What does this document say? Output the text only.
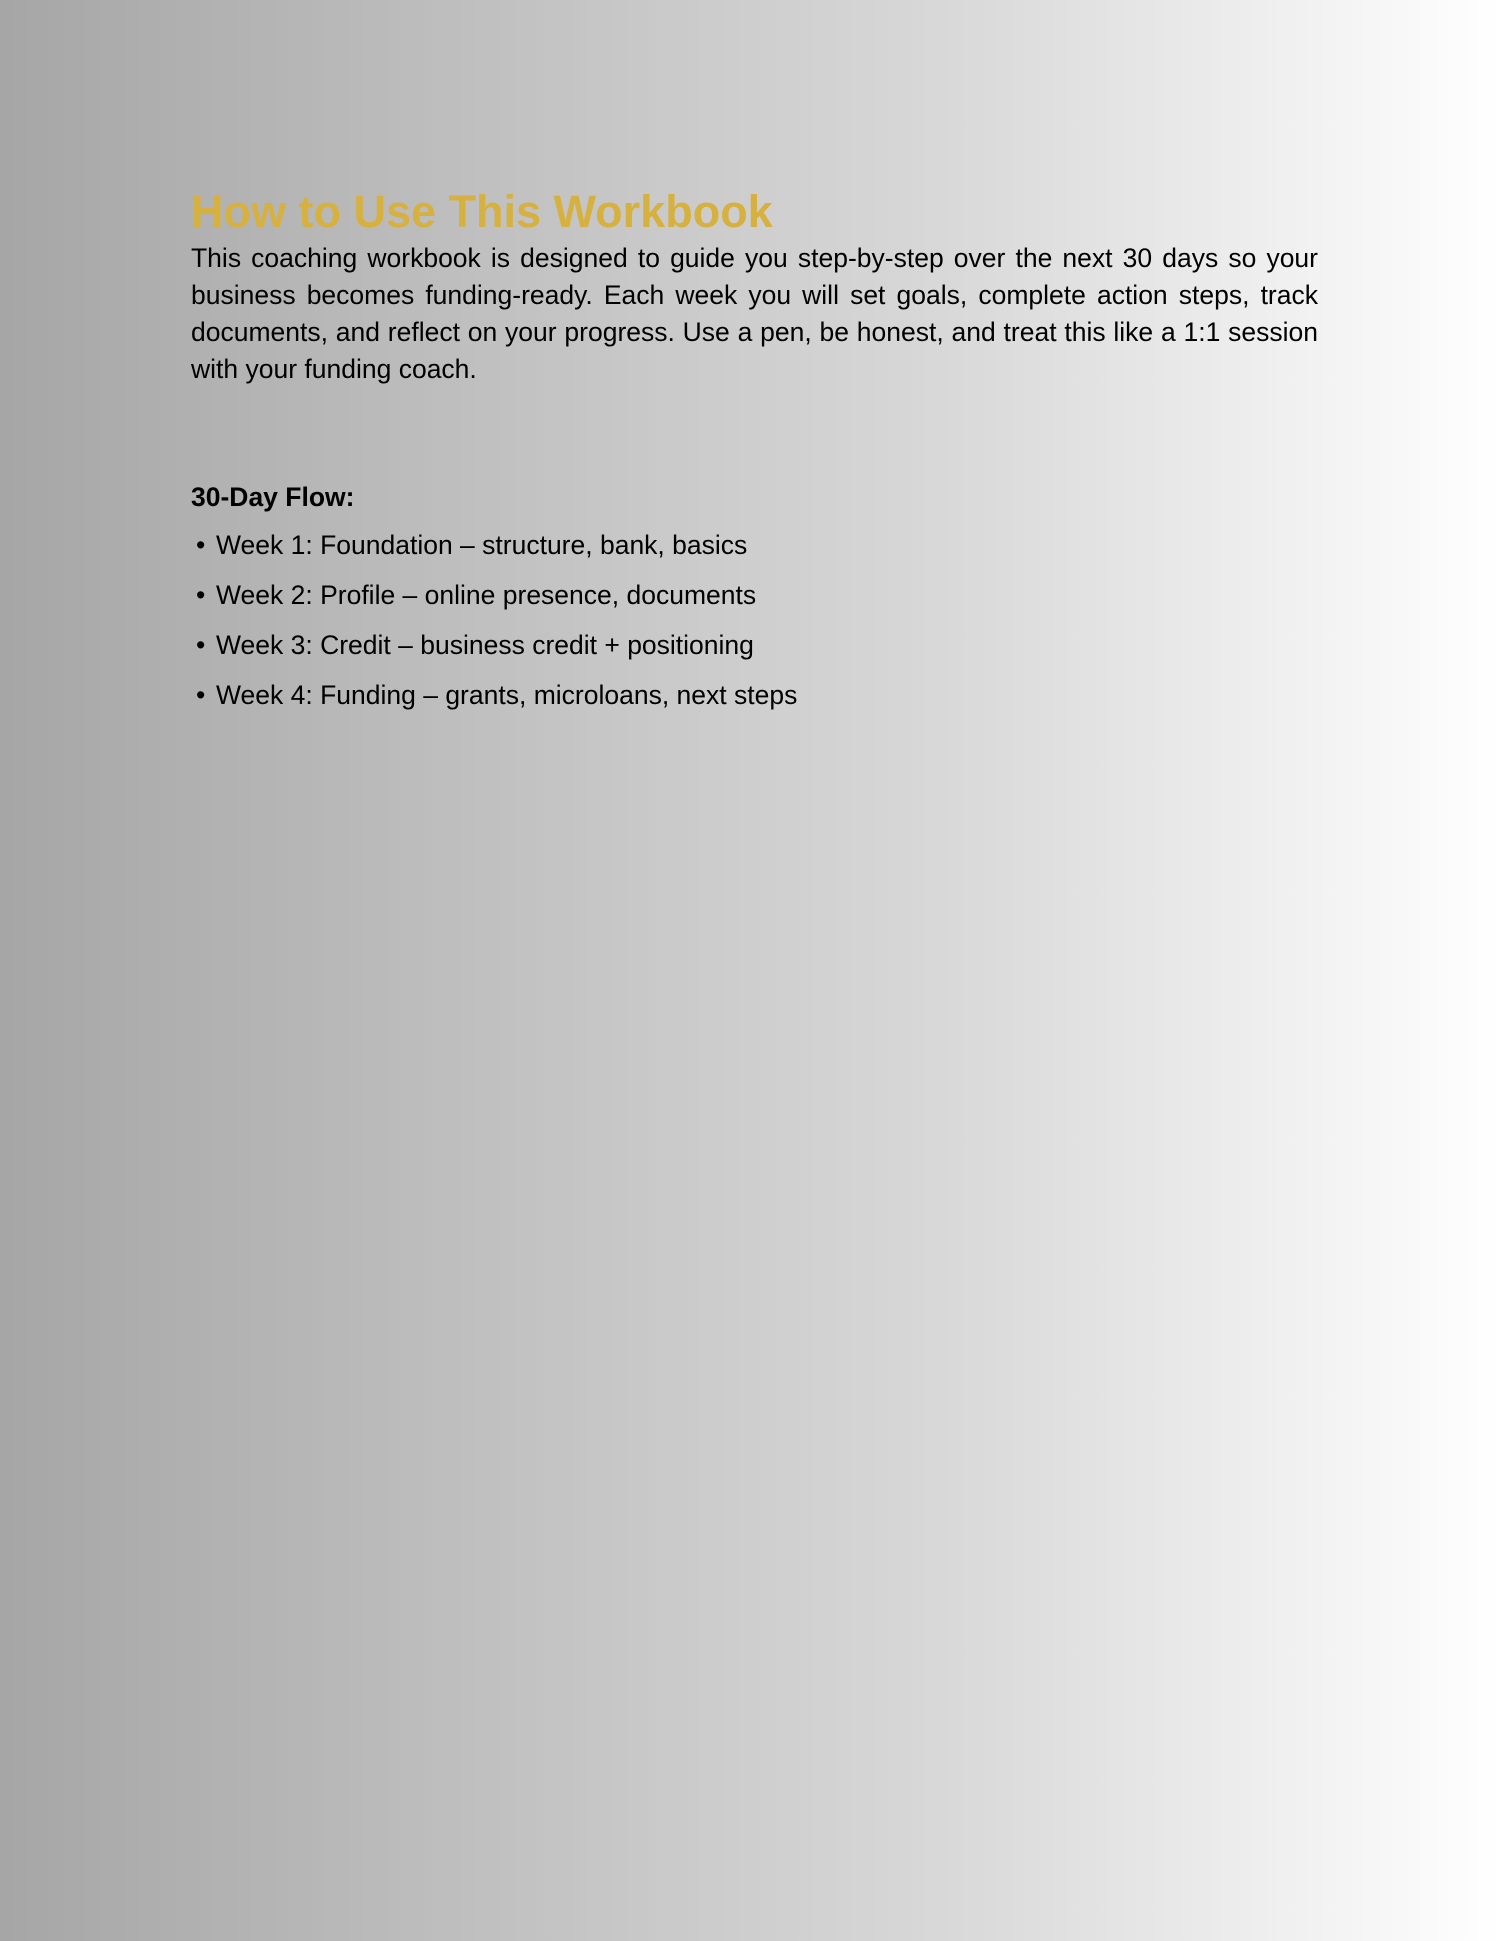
How to Use This Workbook

This coaching workbook is designed to guide you step-by-step over the next 30 days so your business becomes funding-ready. Each week you will set goals, complete action steps, track documents, and reflect on your progress. Use a pen, be honest, and treat this like a 1:1 session with your funding coach.

30-Day Flow:
• Week 1: Foundation – structure, bank, basics
• Week 2: Profile – online presence, documents
• Week 3: Credit – business credit + positioning
• Week 4: Funding – grants, microloans, next steps
